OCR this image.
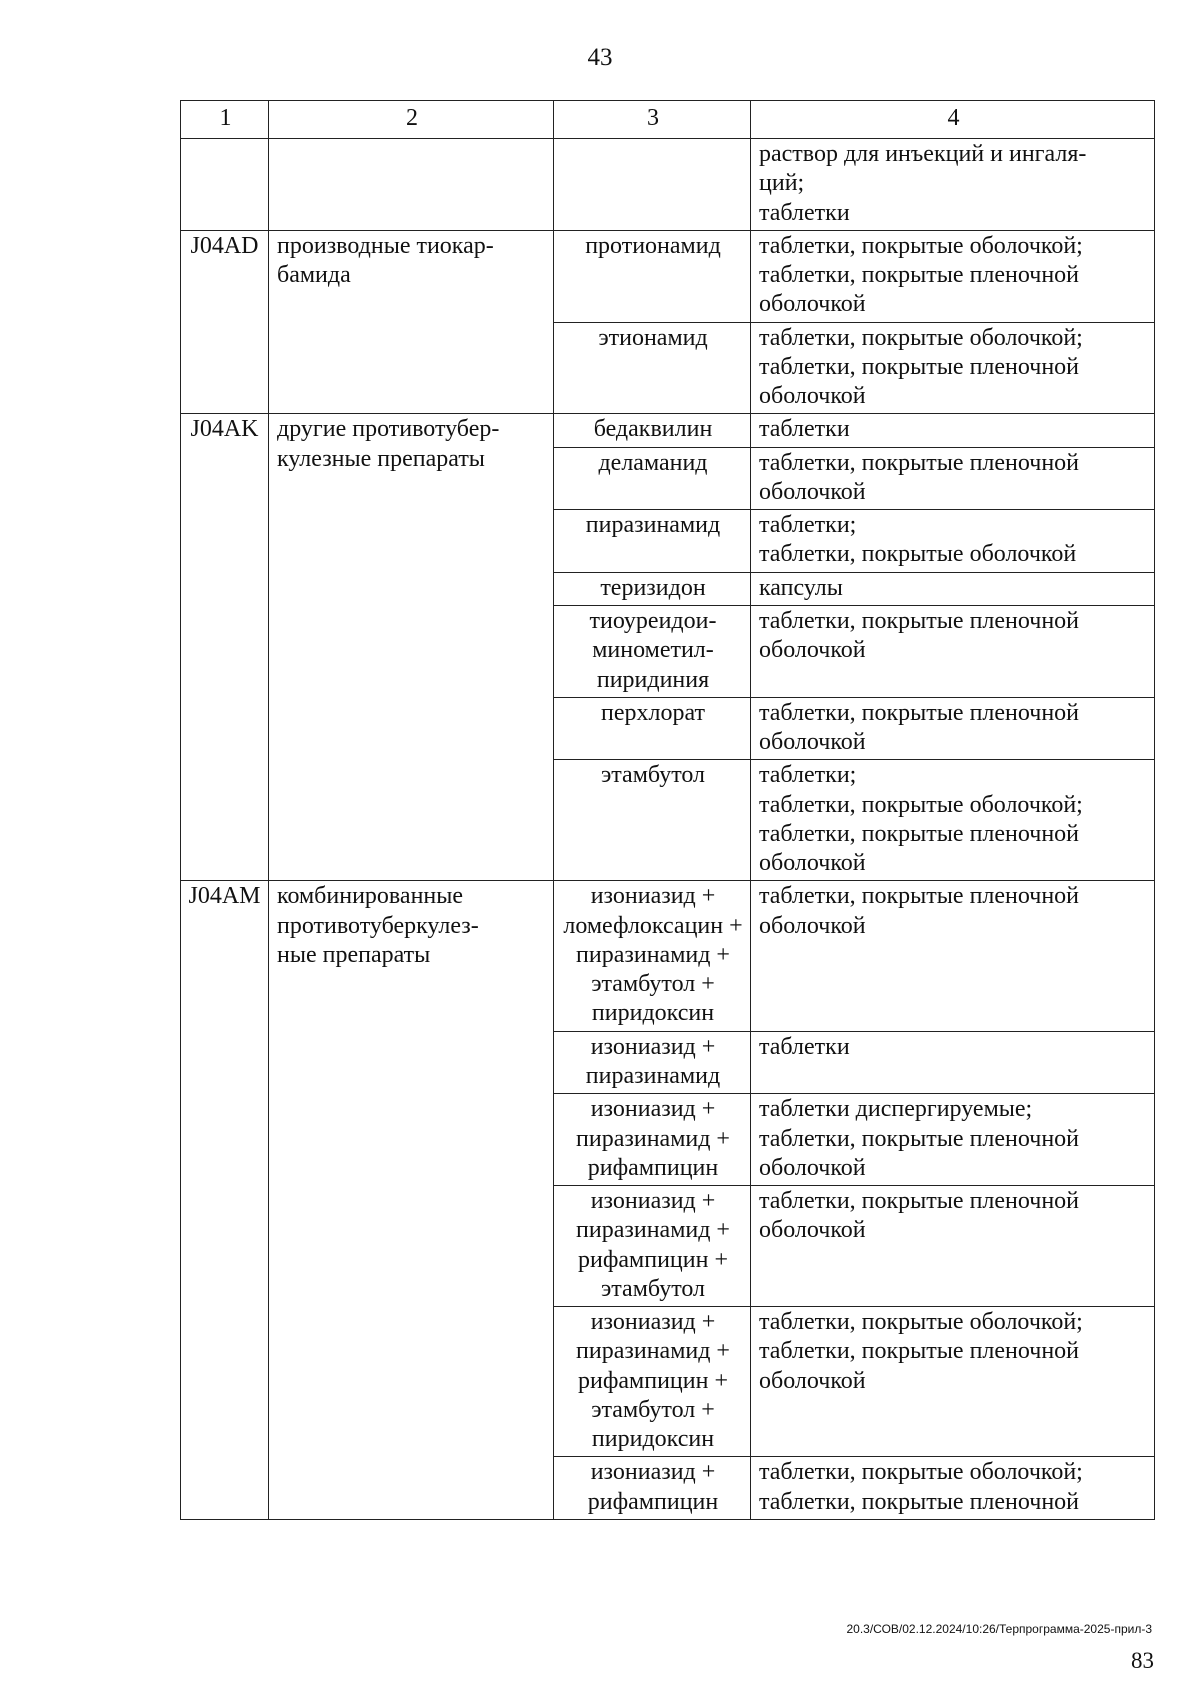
43
1	2	3	4

			раствор для инъекций и ингаля-
ций;
таблетки

J04AD	производные тиокар-
бамида	протионамид	таблетки, покрытые оболочкой;
таблетки, покрытые пленочной
оболочкой

		этионамид	таблетки, покрытые оболочкой;
таблетки, покрытые пленочной
оболочкой

J04AK	другие противотубер-
кулезные препараты	бедаквилин	таблетки

		деламанид	таблетки, покрытые пленочной
оболочкой

		пиразинамид	таблетки;
таблетки, покрытые оболочкой

		теризидон	капсулы

		тиоуреидои-
минометил-
пиридиния	таблетки, покрытые пленочной
оболочкой

		перхлорат	таблетки, покрытые пленочной
оболочкой

		этамбутол	таблетки;
таблетки, покрытые оболочкой;
таблетки, покрытые пленочной
оболочкой

J04AM	комбинированные
противотуберкулез-
ные препараты	изониазид +
ломефлоксацин +
пиразинамид +
этамбутол +
пиридоксин	таблетки, покрытые пленочной
оболочкой

		изониазид +
пиразинамид	таблетки

		изониазид +
пиразинамид +
рифампицин	таблетки диспергируемые;
таблетки, покрытые пленочной
оболочкой

		изониазид +
пиразинамид +
рифампицин +
этамбутол	таблетки, покрытые пленочной
оболочкой

		изониазид +
пиразинамид +
рифампицин +
этамбутол +
пиридоксин	таблетки, покрытые оболочкой;
таблетки, покрытые пленочной
оболочкой

		изониазид +
рифампицин	таблетки, покрытые оболочкой;
таблетки, покрытые пленочной
20.3/СОВ/02.12.2024/10:26/Терпрограмма-2025-прил-3
83
